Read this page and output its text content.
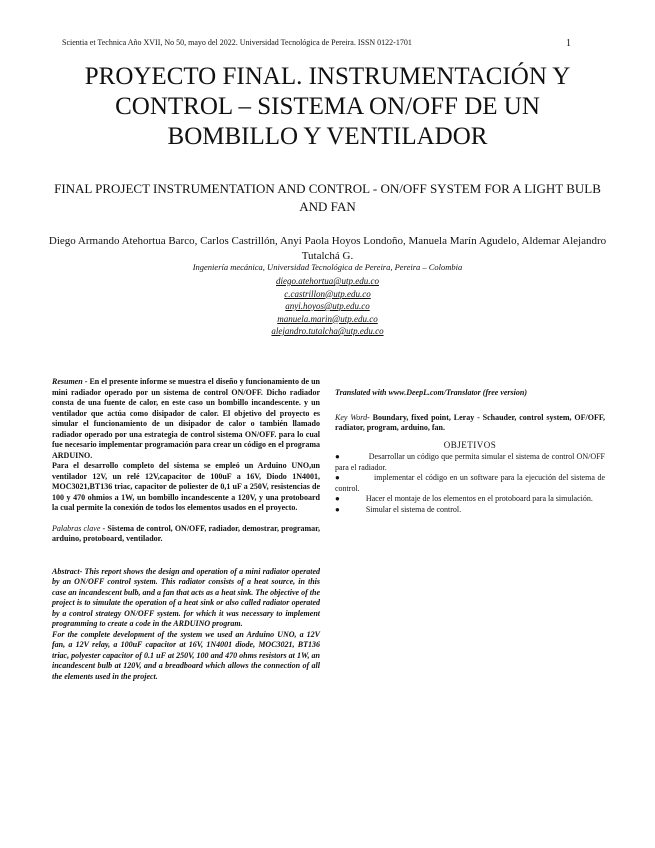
Scientia et Technica Año XVII, No 50, mayo del 2022. Universidad Tecnológica de Pereira. ISSN 0122-1701	1
PROYECTO FINAL. INSTRUMENTACIÓN Y
CONTROL – SISTEMA ON/OFF DE UN
BOMBILLO Y VENTILADOR
FINAL PROJECT INSTRUMENTATION AND CONTROL - ON/OFF SYSTEM FOR A LIGHT BULB AND FAN
Diego Armando Atehortua Barco, Carlos Castrillón, Anyi Paola Hoyos Londoño, Manuela Marín Agudelo, Aldemar Alejandro Tutalchá G.
Ingeniería mecánica, Universidad Tecnológica de Pereira, Pereira – Colombia
diego.atehortua@utp.edu.co
c.castrillon@utp.edu.co
anyi.hoyos@utp.edu.co
manuela.marin@utp.edu.co
alejandro.tutalcha@utp.edu.co

Resumen - En el presente informe se muestra el diseño y funcionamiento de un mini radiador operado por un sistema de control ON/OFF. Dicho radiador consta de una fuente de calor, en este caso un bombillo incandescente. y un ventilador que actúa como disipador de calor. El objetivo del proyecto es simular el funcionamiento de un disipador de calor o también llamado radiador operado por una estrategia de control sistema ON/OFF. para lo cual fue necesario implementar programación para crear un código en el programa ARDUINO.

Para el desarrollo completo del sistema se empleó un Arduino UNO,un ventilador 12V, un relé 12V,capacitor de 100uF a 16V, Diodo 1N4001, MOC3021,BT136 triac, capacitor de poliester de 0,1 uF a 250V, resistencias de 100 y 470 ohmios a 1W, un bombillo incandescente a 120V, y una protoboard la cual permite la conexión de todos los elementos usados en el proyecto.

Palabras clave - Sistema de control, ON/OFF, radiador, demostrar, programar, arduino, protoboard, ventilador.

Abstract- This report shows the design and operation of a mini radiator operated by an ON/OFF control system. This radiator consists of a heat source, in this case an incandescent bulb, and a fan that acts as a heat sink. The objective of the project is to simulate the operation of a heat sink or also called radiator operated by a control strategy ON/OFF system. for which it was necessary to implement programming to create a code in the ARDUINO program.

For the complete development of the system we used an Arduino UNO, a 12V fan, a 12V relay, a 100uF capacitor at 16V, 1N4001 diode, MOC3021, BT136 triac, polyester capacitor of 0.1 uF at 250V, 100 and 470 ohms resistors at 1W, an incandescent bulb at 120V, and a breadboard which allows the connection of all the elements used in the project.

Translated with www.DeepL.com/Translator (free version)

Key Word- Boundary, fixed point, Leray - Schauder, control system, OF/OFF, radiator, program, arduino, fan.

OBJETIVOS

●	Desarrollar un código que permita simular el sistema de control ON/OFF para el radiador.

●	implementar el código en un software para la ejecución del sistema de control.

●	Hacer el montaje de los elementos en el protoboard para la simulación.

●	Simular el sistema de control.
